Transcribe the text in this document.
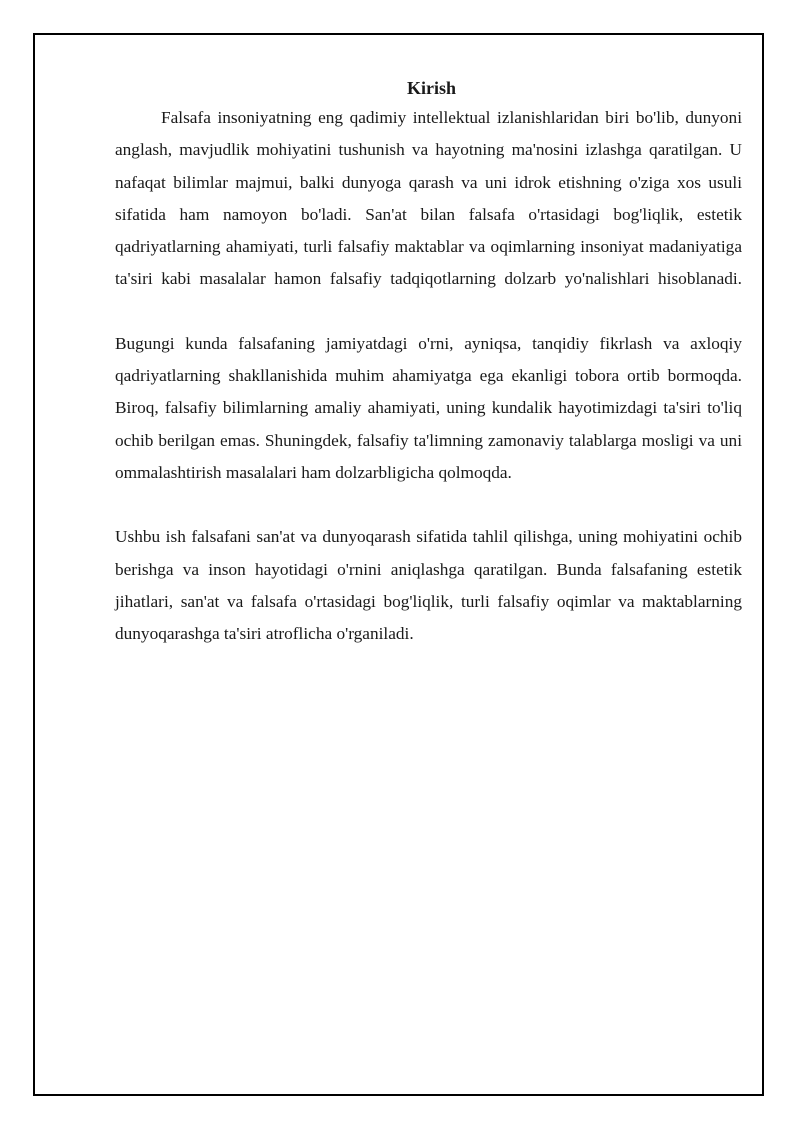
Kirish

Falsafa insoniyatning eng qadimiy intellektual izlanishlaridan biri bo'lib, dunyoni anglash, mavjudlik mohiyatini tushunish va hayotning ma'nosini izlashga qaratilgan. U nafaqat bilimlar majmui, balki dunyoga qarash va uni idrok etishning o'ziga xos usuli sifatida ham namoyon bo'ladi. San'at bilan falsafa o'rtasidagi bog'liqlik, estetik qadriyatlarning ahamiyati, turli falsafiy maktablar va oqimlarning insoniyat madaniyatiga ta'siri kabi masalalar hamon falsafiy tadqiqotlarning dolzarb yo'nalishlari hisoblanadi.

Bugungi kunda falsafaning jamiyatdagi o'rni, ayniqsa, tanqidiy fikrlash va axloqiy qadriyatlarning shakllanishida muhim ahamiyatga ega ekanligi tobora ortib bormoqda. Biroq, falsafiy bilimlarning amaliy ahamiyati, uning kundalik hayotimizdagi ta'siri to'liq ochib berilgan emas. Shuningdek, falsafiy ta'limning zamonaviy talablarga mosligi va uni ommalashtirish masalalari ham dolzarbligicha qolmoqda.

Ushbu ish falsafani san'at va dunyoqarash sifatida tahlil qilishga, uning mohiyatini ochib berishga va inson hayotidagi o'rnini aniqlashga qaratilgan. Bunda falsafaning estetik jihatlari, san'at va falsafa o'rtasidagi bog'liqlik, turli falsafiy oqimlar va maktablarning dunyoqarashga ta'siri atroflicha o'rganiladi.
